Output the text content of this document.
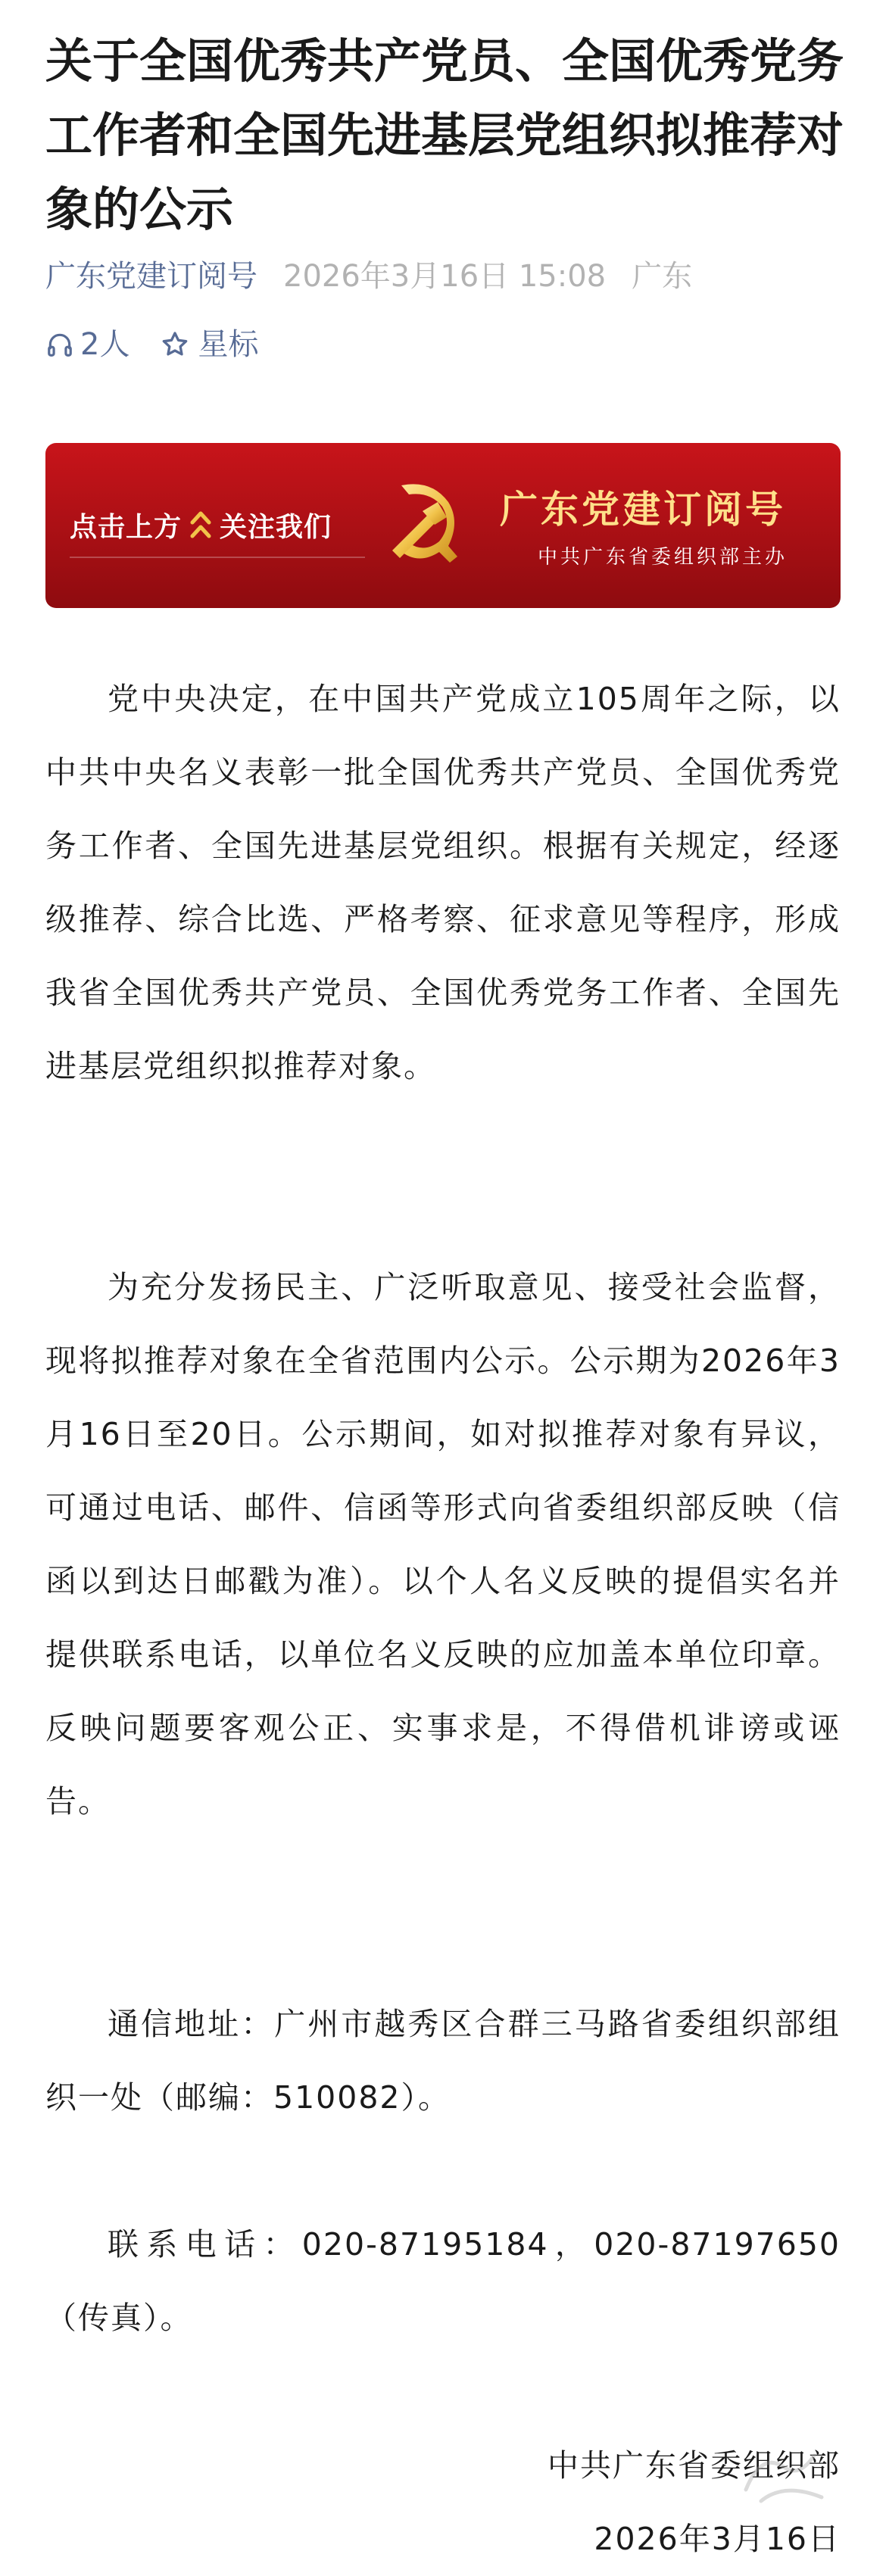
关于全国优秀共产党员、全国优秀党务工作者和全国先进基层党组织拟推荐对象的公示
广东党建订阅号 2026年3月16日 15:08 广东
2人 星标
点击上方 关注我们	广东党建订阅号
中共广东省委组织部主办

党中央决定，在中国共产党成立105周年之际，以中共中央名义表彰一批全国优秀共产党员、全国优秀党务工作者、全国先进基层党组织。根据有关规定，经逐级推荐、综合比选、严格考察、征求意见等程序，形成我省全国优秀共产党员、全国优秀党务工作者、全国先进基层党组织拟推荐对象。

为充分发扬民主、广泛听取意见、接受社会监督，现将拟推荐对象在全省范围内公示。公示期为2026年3月16日至20日。公示期间，如对拟推荐对象有异议，可通过电话、邮件、信函等形式向省委组织部反映（信函以到达日邮戳为准）。以个人名义反映的提倡实名并提供联系电话，以单位名义反映的应加盖本单位印章。反映问题要客观公正、实事求是，不得借机诽谤或诬告。

通信地址：广州市越秀区合群三马路省委组织部组织一处（邮编：510082）。

联系电话：020-87195184，020-87197650（传真）。

中共广东省委组织部

2026年3月16日
